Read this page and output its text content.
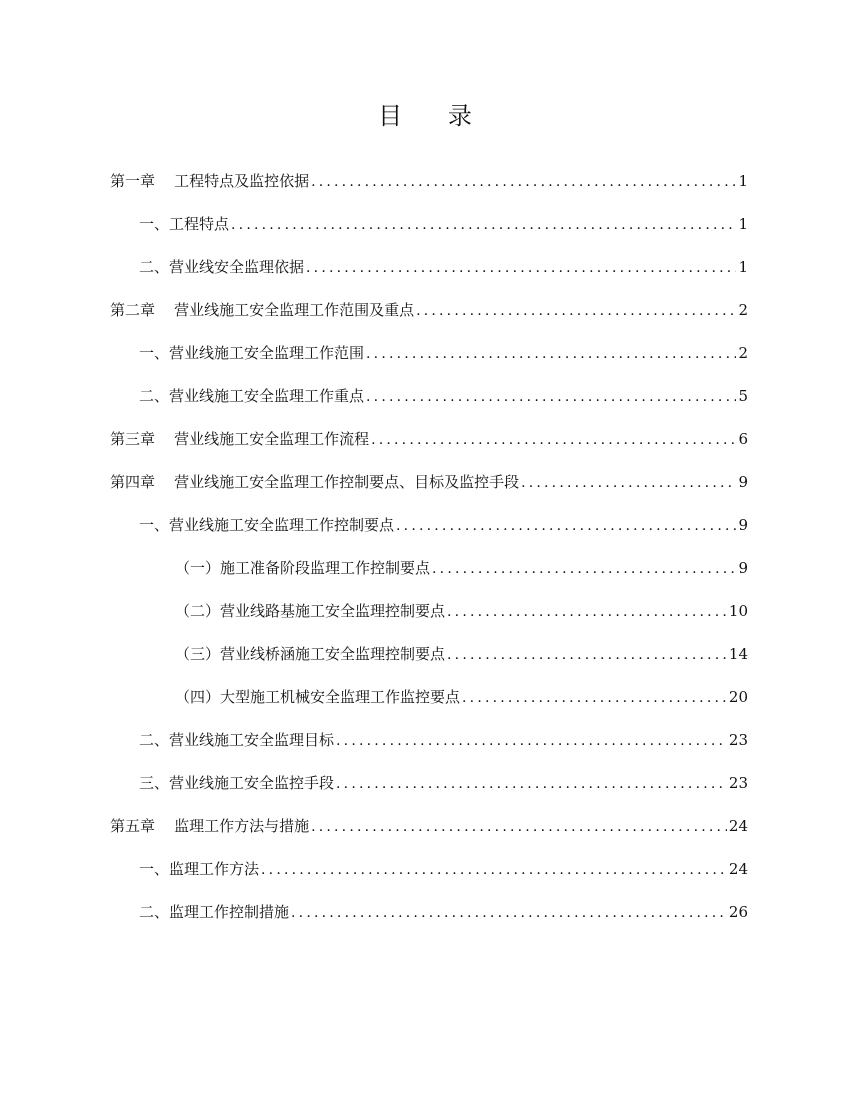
目      录
第一章    工程特点及监控依据 .....	1
一、工程特点 .....	1
二、营业线安全监理依据 .....	1
第二章    营业线施工安全监理工作范围及重点 .....	2
一、营业线施工安全监理工作范围 .....	2
二、营业线施工安全监理工作重点 .....	5
第三章    营业线施工安全监理工作流程 .....	6
第四章    营业线施工安全监理工作控制要点、目标及监控手段 .....	9
一、营业线施工安全监理工作控制要点 .....	9
（一）施工准备阶段监理工作控制要点 .....	9
（二）营业线路基施工安全监理控制要点 .....	10
（三）营业线桥涵施工安全监理控制要点 .....	14
（四）大型施工机械安全监理工作监控要点 .....	20
二、营业线施工安全监理目标 .....	23
三、营业线施工安全监控手段 .....	23
第五章    监理工作方法与措施 .....	24
一、监理工作方法 .....	24
二、监理工作控制措施 .....	26
